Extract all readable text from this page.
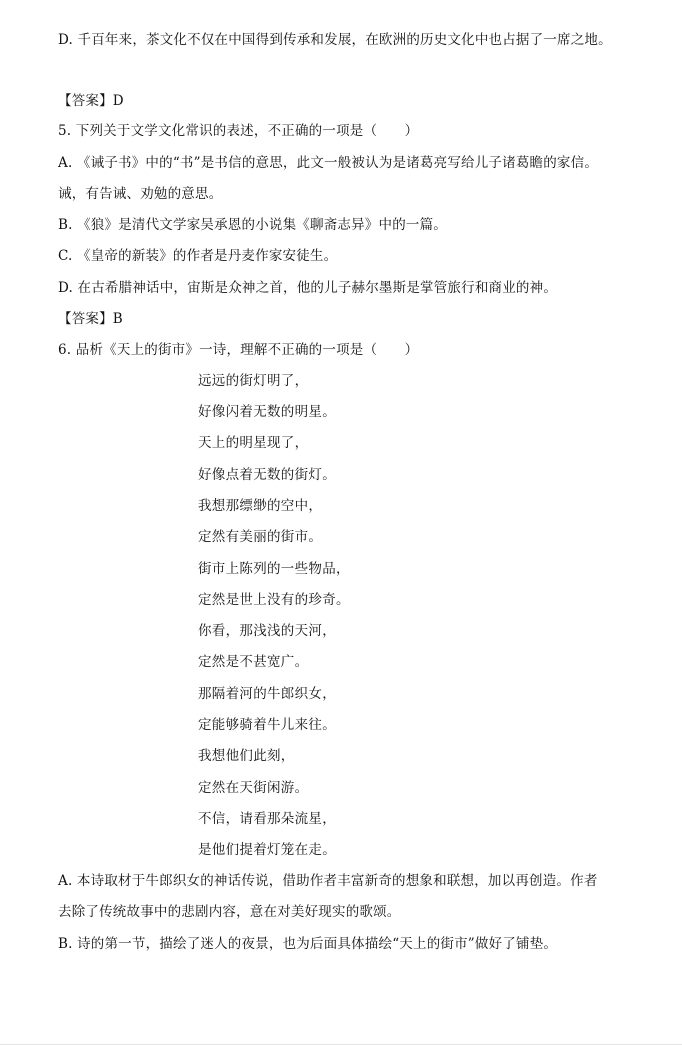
D. 千百年来，茶文化不仅在中国得到传承和发展，在欧洲的历史文化中也占据了一席之地。
【答案】D
5. 下列关于文学文化常识的表述，不正确的一项是（　　）
A. 《诫子书》中的“书”是书信的意思，此文一般被认为是诸葛亮写给儿子诸葛瞻的家信。
诫，有告诫、劝勉的意思。
B. 《狼》是清代文学家吴承恩的小说集《聊斋志异》中的一篇。
C. 《皇帝的新装》的作者是丹麦作家安徒生。
D. 在古希腊神话中，宙斯是众神之首，他的儿子赫尔墨斯是掌管旅行和商业的神。
【答案】B
6. 品析《天上的街市》一诗，理解不正确的一项是（　　）
远远的街灯明了，
好像闪着无数的明星。
天上的明星现了，
好像点着无数的街灯。
我想那缥缈的空中，
定然有美丽的街市。
街市上陈列的一些物品，
定然是世上没有的珍奇。
你看，那浅浅的天河，
定然是不甚宽广。
那隔着河的牛郎织女，
定能够骑着牛儿来往。
我想他们此刻，
定然在天街闲游。
不信，请看那朵流星，
是他们提着灯笼在走。
A. 本诗取材于牛郎织女的神话传说，借助作者丰富新奇的想象和联想，加以再创造。作者
去除了传统故事中的悲剧内容，意在对美好现实的歌颂。
B. 诗的第一节，描绘了迷人的夜景，也为后面具体描绘“天上的街市”做好了铺垫。
